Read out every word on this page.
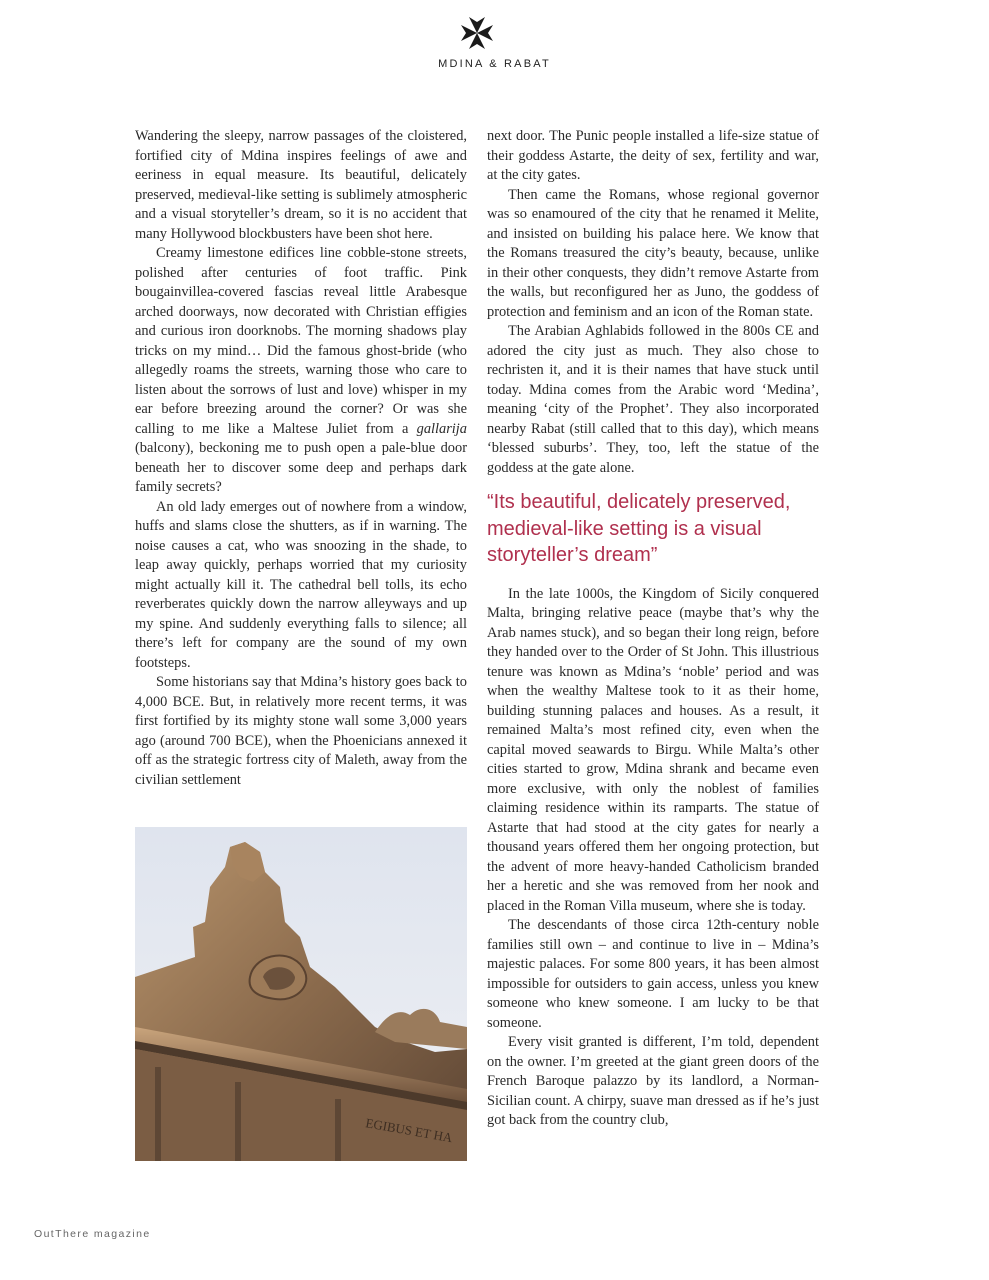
MDINA & RABAT

Wandering the sleepy, narrow passages of the cloistered, fortified city of Mdina inspires feelings of awe and eeriness in equal measure. Its beautiful, delicately preserved, medieval-like setting is sublimely atmospheric and a visual storyteller’s dream, so it is no accident that many Hollywood blockbusters have been shot here.

Creamy limestone edifices line cobble-stone streets, polished after centuries of foot traffic. Pink bougainvillea-covered fascias reveal little Arabesque arched doorways, now decorated with Christian effigies and curious iron doorknobs. The morning shadows play tricks on my mind… Did the famous ghost-bride (who allegedly roams the streets, warning those who care to listen about the sorrows of lust and love) whisper in my ear before breezing around the corner? Or was she calling to me like a Maltese Juliet from a gallarija (balcony), beckoning me to push open a pale-blue door beneath her to discover some deep and perhaps dark family secrets?

An old lady emerges out of nowhere from a window, huffs and slams close the shutters, as if in warning. The noise causes a cat, who was snoozing in the shade, to leap away quickly, perhaps worried that my curiosity might actually kill it. The cathedral bell tolls, its echo reverberates quickly down the narrow alleyways and up my spine. And suddenly everything falls to silence; all there’s left for company are the sound of my own footsteps.

Some historians say that Mdina’s history goes back to 4,000 BCE. But, in relatively more recent terms, it was first fortified by its mighty stone wall some 3,000 years ago (around 700 BCE), when the Phoenicians annexed it off as the strategic fortress city of Maleth, away from the civilian settlement

EGIBUS ET HA

next door. The Punic people installed a life-size statue of their goddess Astarte, the deity of sex, fertility and war, at the city gates.

Then came the Romans, whose regional governor was so enamoured of the city that he renamed it Melite, and insisted on building his palace here. We know that the Romans treasured the city’s beauty, because, unlike in their other conquests, they didn’t remove Astarte from the walls, but reconfigured her as Juno, the goddess of protection and feminism and an icon of the Roman state.

The Arabian Aghlabids followed in the 800s CE and adored the city just as much. They also chose to rechristen it, and it is their names that have stuck until today. Mdina comes from the Arabic word ‘Medina’, meaning ‘city of the Prophet’. They also incorporated nearby Rabat (still called that to this day), which means ‘blessed suburbs’. They, too, left the statue of the goddess at the gate alone.

“Its beautiful, delicately preserved, medieval-like setting is a visual storyteller’s dream”

In the late 1000s, the Kingdom of Sicily conquered Malta, bringing relative peace (maybe that’s why the Arab names stuck), and so began their long reign, before they handed over to the Order of St John. This illustrious tenure was known as Mdina’s ‘noble’ period and was when the wealthy Maltese took to it as their home, building stunning palaces and houses. As a result, it remained Malta’s most refined city, even when the capital moved seawards to Birgu. While Malta’s other cities started to grow, Mdina shrank and became even more exclusive, with only the noblest of families claiming residence within its ramparts. The statue of Astarte that had stood at the city gates for nearly a thousand years offered them her ongoing protection, but the advent of more heavy-handed Catholicism branded her a heretic and she was removed from her nook and placed in the Roman Villa museum, where she is today.

The descendants of those circa 12th-century noble families still own – and continue to live in – Mdina’s majestic palaces. For some 800 years, it has been almost impossible for outsiders to gain access, unless you knew someone who knew someone. I am lucky to be that someone.

Every visit granted is different, I’m told, dependent on the owner. I’m greeted at the giant green doors of the French Baroque palazzo by its landlord, a Norman-Sicilian count. A chirpy, suave man dressed as if he’s just got back from the country club,

OutThere magazine
